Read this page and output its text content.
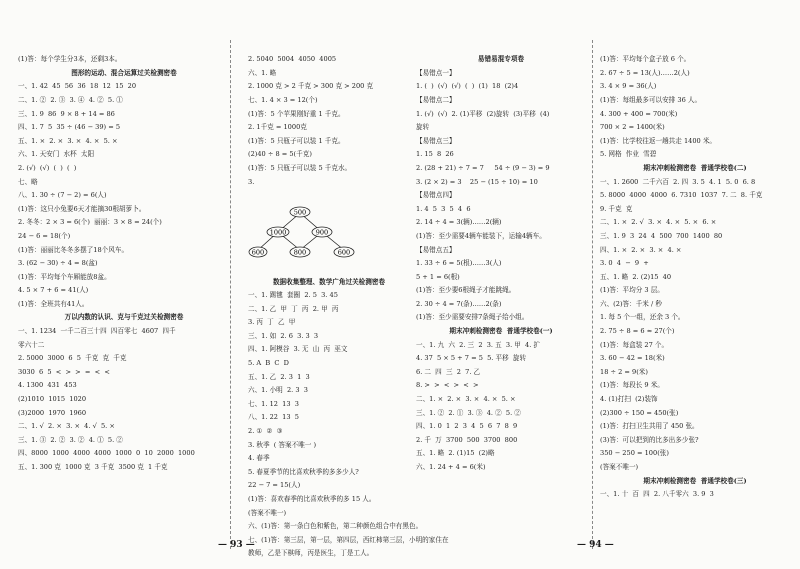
(1)答：每个学生分3本，还剩3本。
图形的运动、混合运算过关检测密卷
一、1. 42  45  56  36  18  12  15  20
二、1. ②  2. ③  3. ④  4. ②  5. ①
三、1. 9  86  9 × 8 + 14 = 86
四、1. 7  5  35 ÷ (46 − 39) = 5
五、1. ×  2. ×  3. ×  4. ×  5. ×
六、1. 天安门  水杯  太阳
2. (√)  (√)  (  )  (  )
七、略
八、1. 30 ÷ (7 − 2) = 6(人)
(1)答：这只小兔要6天才能摘30根胡萝卜。
2. 冬冬：2 × 3 = 6(个)  丽丽：3 × 8 = 24(个)
24 − 6 = 18(个)
(1)答：丽丽比冬冬多摆了18个风车。
3. (62 − 30) ÷ 4 = 8(盆)
(1)答：平均每个车厢能放8盆。
4. 5 × 7 + 6 = 41(人)
(1)答：全班共有41人。
万以内数的认识、克与千克过关检测密卷
一、1. 1234  一千二百三十四  四百零七  4607  四千
零六十二
2. 5000  3000  6  5  千克  克  千克
3030  6  5  <  >  >  =  <  <
4. 1300  431  453
(2)1010  1015  1020
(3)2000  1970  1960
二、1. √  2. ×  3. ×  4. √  5. ×
三、1. ③  2. ②  3. ②  4. ①  5. ②
四、8000  1000  4000  4000  1000  0  10  2000  1000
五、1. 300 克  1000 克  3 千克  3500 克  1 千克

2. 5040  5004  4050  4005
六、1. 略
2. 1000 克 > 2 千克 > 300 克 > 200 克
七、1. 4 × 3 = 12(个)
(1)答：5 个苹果刚好重 1 千克。
2. 1千克 = 1000克
(1)答：5 只瓶子可以装 1 千克。
(2)40 ÷ 8 = 5(千克)
(1)答：5 只瓶子可以装 5 千克水。
3.

500
1000	900
600	800	600

数据收集整理、数学广角过关检测密卷
一、1. 踢毽  套圈  2. 5  3. 45
二、1. 乙  甲  丁  丙  2. 甲  丙
3. 丙  丁  乙  甲
三、1. 如  2. 6  3. 3  3
四、1. 阿模谷  3. 无  山  丙  巫文
5. A  B  C  D
五、1. 乙  2. 3  1  3
六、1. 小明  2. 3  3
七、1. 12  13  3
八、1. 22  13  5
2. ①  ②  ③
3. 秋季  ( 答案不唯一 )
4. 春季
5. 春夏季节的比喜欢秋季的多多少人?
22 − 7 = 15(人)
(1)答：喜欢春季的比喜欢秋季的多 15 人。
(答案不唯一)
六、(1)答：第一条白色和紫色，第二种颜色组合中有黑色。
七、(1)答：第三层，第一层，第四层，西红柿第三层，小明的家住在
教师，乙是下棋师，丙是医生，丁是工人。

易错易混专项卷
【易错点一】
1. (  )  (√)  (√)  (  )  (1)  18  (2)4
【易错点二】
1. (√)  (√)  2. (1)平移  (2)旋转  (3)平移  (4)
旋转
【易错点三】
1. 15  8  26
2. (28 + 21) ÷ 7 = 7     54 ÷ (9 − 3) = 9
3. (2 × 2) = 3    25 − (15 ÷ 10) = 10
【易错点四】
1. 4  5  3  5  4  6
2. 14 ÷ 4 = 3(辆)……2(辆)
(1)答：至少需要4辆车能装下，运输4辆车。
【易错点五】
1. 33 ÷ 6 = 5(根)……3(人)
5 + 1 = 6(根)
(1)答：至少要6根绳子才能跳绳。
2. 30 ÷ 4 = 7(条)……2(条)
(1)答：至少需要安排7条绳子给小组。
期末冲刺检测密卷  普通学校卷(一)
一、1. 九  六  2. 三  2  3. 五  3. 甲  4. 扩
4. 37  5 × 5 + 7 = 5  5. 平移  旋转
6. 二  四  三  2  7. 乙
8. >  >  <  >  <  >
二、1. ×  2. ×  3. ×  4. ×  5. ×
三、1. ②  2. ①  3. ③  4. ②  5. ②
四、1. 0  1  2  3  4  5  6  7  8  9
2. 千  万  3700  500  3700  800
五、1. 略  2. (1)15  (2)略
六、1. 24 + 4 = 6(米)

(1)答：平均每个盒子放 6 个。
2. 67 ÷ 5 = 13(人)……2(人)
3. 4 × 9 = 36(人)
(1)答：每组最多可以安排 36 人。
4. 300 + 400 = 700(米)
700 × 2 = 1400(米)
(1)答：比学校往返一趟共走 1400 米。
5. 网格  作业  雪碧
期末冲刺检测密卷  普通学校卷(二)
一、1. 2600  二千六百  2. 四  3. 5  4. 1  5. 0  6. 8
5. 8000  4000  4000  6. 7310  1037  7. 二  8. 千克
9. 千克  克
二、1. ×  2. √  3. ×  4. ×  5. ×  6. ×
三、1. 9  3  24  4  500  700  1400  80
四、1. ×  2. ×  3. ×  4. ×
3. 0  4  −  9  +
五、1. 略  2. (2)15  40
(1)答：平均分 3 层。
六、(2)答：千米 / 秒
1. 每 5 个一组，还余 3 个。
2. 75 ÷ 8 = 6 ≈ 27(个)
(1)答：每盒装 27 个。
3. 60 − 42 = 18(米)
18 ÷ 2 = 9(米)
(1)答：每段长 9 米。
4. (1)打扫  (2)装饰
(2)300 ÷ 150 = 450(张)
(1)答：打扫卫生共用了 450 张。
(3)答：可以把到的比多出多少张?
350 − 250 = 100(张)
(答案不唯一)
期末冲刺检测密卷  普通学校卷(三)
一、1. 十  百  四  2. 八千零六  3. 9  3

— 93 —	— 94 —
